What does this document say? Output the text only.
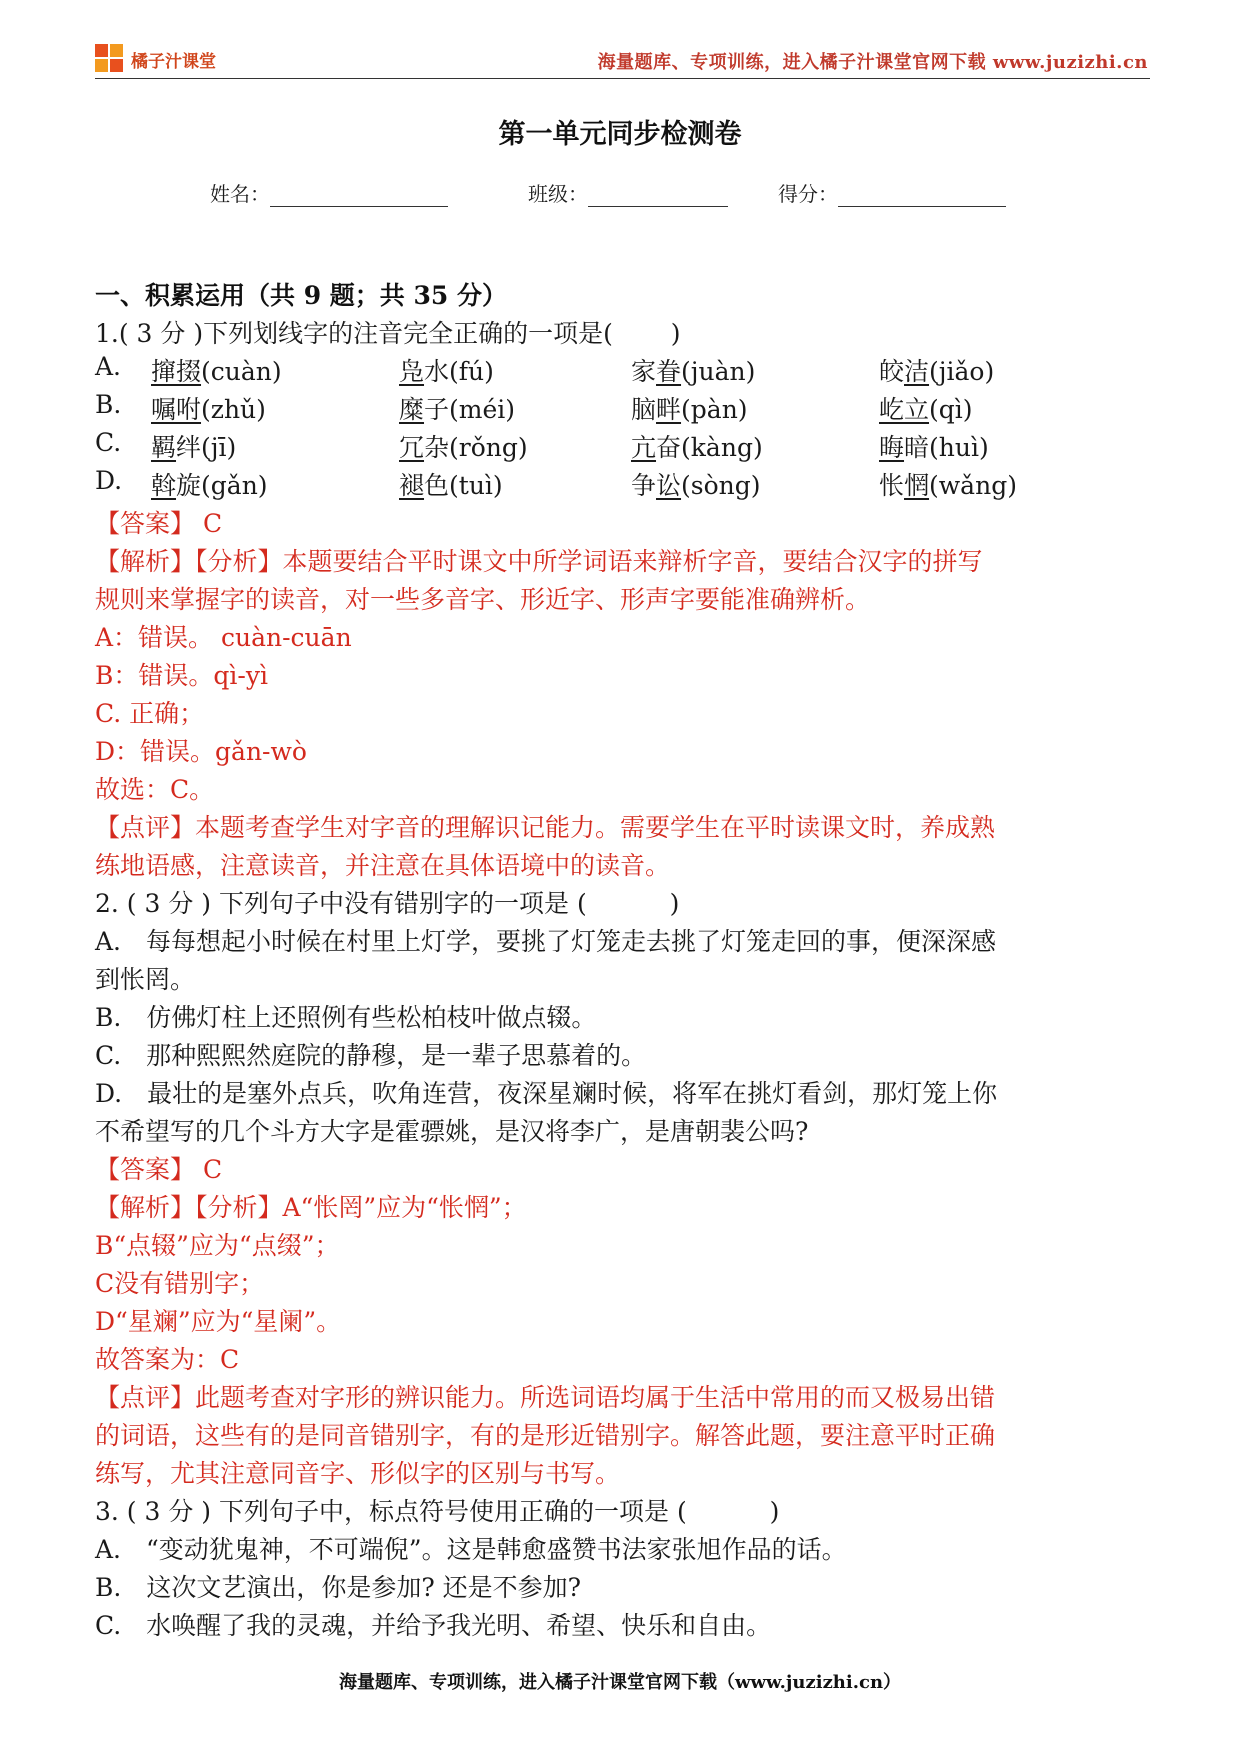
橘子汁课堂	海量题库、专项训练，进入橘子汁课堂官网下载 www.juzizhi.cn
第一单元同步检测卷
姓名：	班级：	得分：
一、积累运用（共 9 题；共 35 分）
1.( 3 分 )下列划线字的注音完全正确的一项是(　　 )
A. 撺掇(cuàn)	凫水(fú)	家眷(juàn)	皎洁(jiǎo)
B. 嘱咐(zhǔ)	糜子(méi)	脑畔(pàn)	屹立(qì)
C. 羁绊(jī)	冗杂(rǒng)	亢奋(kàng)	晦暗(huì)
D. 斡旋(gǎn)	褪色(tuì)	争讼(sòng)	怅惘(wǎng)
【答案】 C
【解析】【分析】本题要结合平时课文中所学词语来辩析字音，要结合汉字的拼写
规则来掌握字的读音，对一些多音字、形近字、形声字要能准确辨析。
A：错误。 cuàn-cuān
B：错误。qì-yì
C. 正确；
D：错误。gǎn-wò
故选：C。
【点评】本题考查学生对字音的理解识记能力。需要学生在平时读课文时，养成熟
练地语感，注意读音，并注意在具体语境中的读音。
2. ( 3 分 ) 下列句子中没有错别字的一项是 (　　　 )
A.　每每想起小时候在村里上灯学，要挑了灯笼走去挑了灯笼走回的事，便深深感
到怅罔。
B.　仿佛灯柱上还照例有些松柏枝叶做点辍。
C.　那种熙熙然庭院的静穆，是一辈子思慕着的。
D.　最壮的是塞外点兵，吹角连营，夜深星斓时候，将军在挑灯看剑，那灯笼上你
不希望写的几个斗方大字是霍骠姚，是汉将李广，是唐朝裴公吗?
【答案】 C
【解析】【分析】A“怅罔”应为“怅惘”；
B“点辍”应为“点缀”；
C没有错别字；
D“星斓”应为“星阑”。
故答案为：C
【点评】此题考查对字形的辨识能力。所选词语均属于生活中常用的而又极易出错
的词语，这些有的是同音错别字，有的是形近错别字。解答此题，要注意平时正确
练写，尤其注意同音字、形似字的区别与书写。
3. ( 3 分 ) 下列句子中，标点符号使用正确的一项是 (　　　 )
A.　“变动犹鬼神，不可端倪”。这是韩愈盛赞书法家张旭作品的话。
B.　这次文艺演出，你是参加? 还是不参加?
C.　水唤醒了我的灵魂，并给予我光明、希望、快乐和自由。
海量题库、专项训练，进入橘子汁课堂官网下载（www.juzizhi.cn）
